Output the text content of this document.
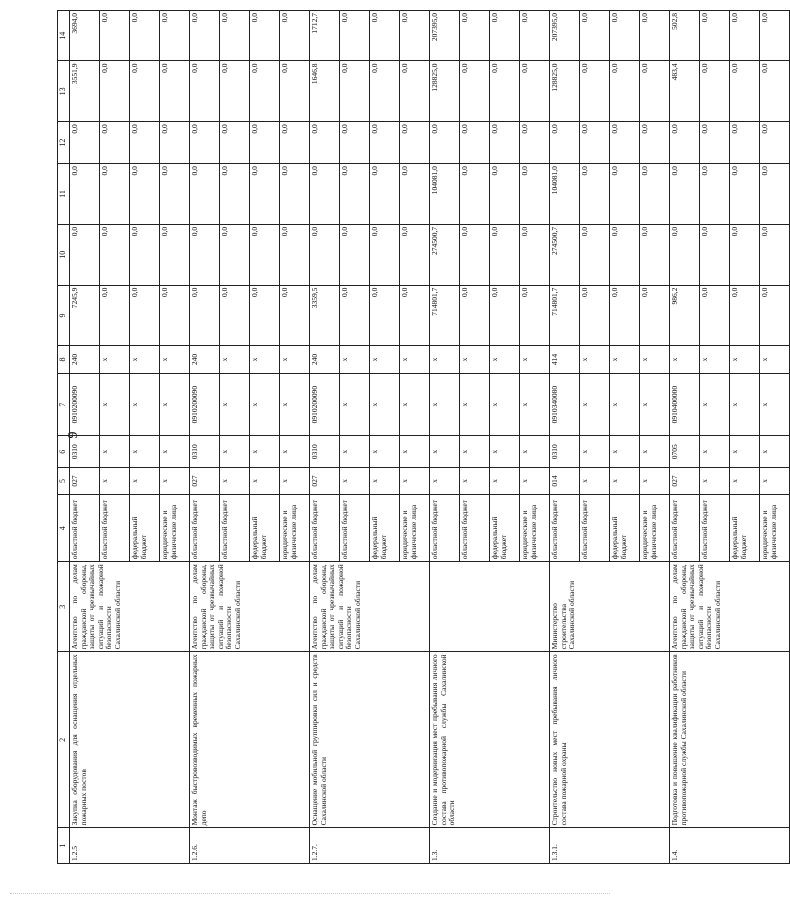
9
1	2	3	4	5	6	7	8	9	10	11	12	13	14
1.2.5	Закупка оборудования для оснащения отдельных пожарных постов	Агентство по делам гражданской обороны, защиты от чрезвычайных ситуаций и пожарной безопасности Сахалинской области	областной бюджет	027	0310	0910200090	240	7245,9	0,0	0,0	0,0	3551,9	3694,0
			областной бюджет	x	x	x	x	0,0	0,0	0,0	0,0	0,0	0,0
			федеральный бюджет	x	x	x	x	0,0	0,0	0,0	0,0	0,0	0,0
			юридические и физические лица	x	x	x	x	0,0	0,0	0,0	0,0	0,0	0,0
1.2.6.	Монтаж быстровозводимых временных пожарных депо	Агентство по делам гражданской обороны, защиты от чрезвычайных ситуаций и пожарной безопасности Сахалинской области	областной бюджет	027	0310	0910200090	240	0,0	0,0	0,0	0,0	0,0	0,0
			областной бюджет	x	x	x	x	0,0	0,0	0,0	0,0	0,0	0,0
			федеральный бюджет	x	x	x	x	0,0	0,0	0,0	0,0	0,0	0,0
			юридические и физические лица	x	x	x	x	0,0	0,0	0,0	0,0	0,0	0,0
1.2.7.	Оснащение мобильной группировки сил и средств Сахалинской области	Агентство по делам гражданской обороны, защиты от чрезвычайных ситуаций и пожарной безопасности Сахалинской области	областной бюджет	027	0310	0910200090	240	3359,5	0,0	0,0	0,0	1646,8	1712,7
			областной бюджет	x	x	x	x	0,0	0,0	0,0	0,0	0,0	0,0
			федеральный бюджет	x	x	x	x	0,0	0,0	0,0	0,0	0,0	0,0
			юридические и физические лица	x	x	x	x	0,0	0,0	0,0	0,0	0,0	0,0
1.3.	Создание и модернизация мест пребывания личного состава противопожарной службы Сахалинской области		областной бюджет	x	x	x	x	714801,7	274500,7	104081,0	0,0	128825,0	207395,0
			областной бюджет	x	x	x	x	0,0	0,0	0,0	0,0	0,0	0,0
			федеральный бюджет	x	x	x	x	0,0	0,0	0,0	0,0	0,0	0,0
			юридические и физические лица	x	x	x	x	0,0	0,0	0,0	0,0	0,0	0,0
1.3.1.	Строительство новых мест пребывания личного состава пожарной охраны	Министерство строительства Сахалинской области	областной бюджет	014	0310	0910340080	414	714801,7	274500,7	104081,0	0,0	128825,0	207395,0
			областной бюджет	x	x	x	x	0,0	0,0	0,0	0,0	0,0	0,0
			федеральный бюджет	x	x	x	x	0,0	0,0	0,0	0,0	0,0	0,0
			юридические и физические лица	x	x	x	x	0,0	0,0	0,0	0,0	0,0	0,0
1.4.	Подготовка и повышение квалификации работников противопожарной службы Сахалинской области	Агентство по делам гражданской обороны, защиты от чрезвычайных ситуаций и пожарной безопасности Сахалинской области	областной бюджет	027	0705	0910400000	x	986,2	0,0	0,0	0,0	483,4	502,8
			областной бюджет	x	x	x	x	0,0	0,0	0,0	0,0	0,0	0,0
			федеральный бюджет	x	x	x	x	0,0	0,0	0,0	0,0	0,0	0,0
			юридические и физические лица	x	x	x	x	0,0	0,0	0,0	0,0	0,0	0,0
